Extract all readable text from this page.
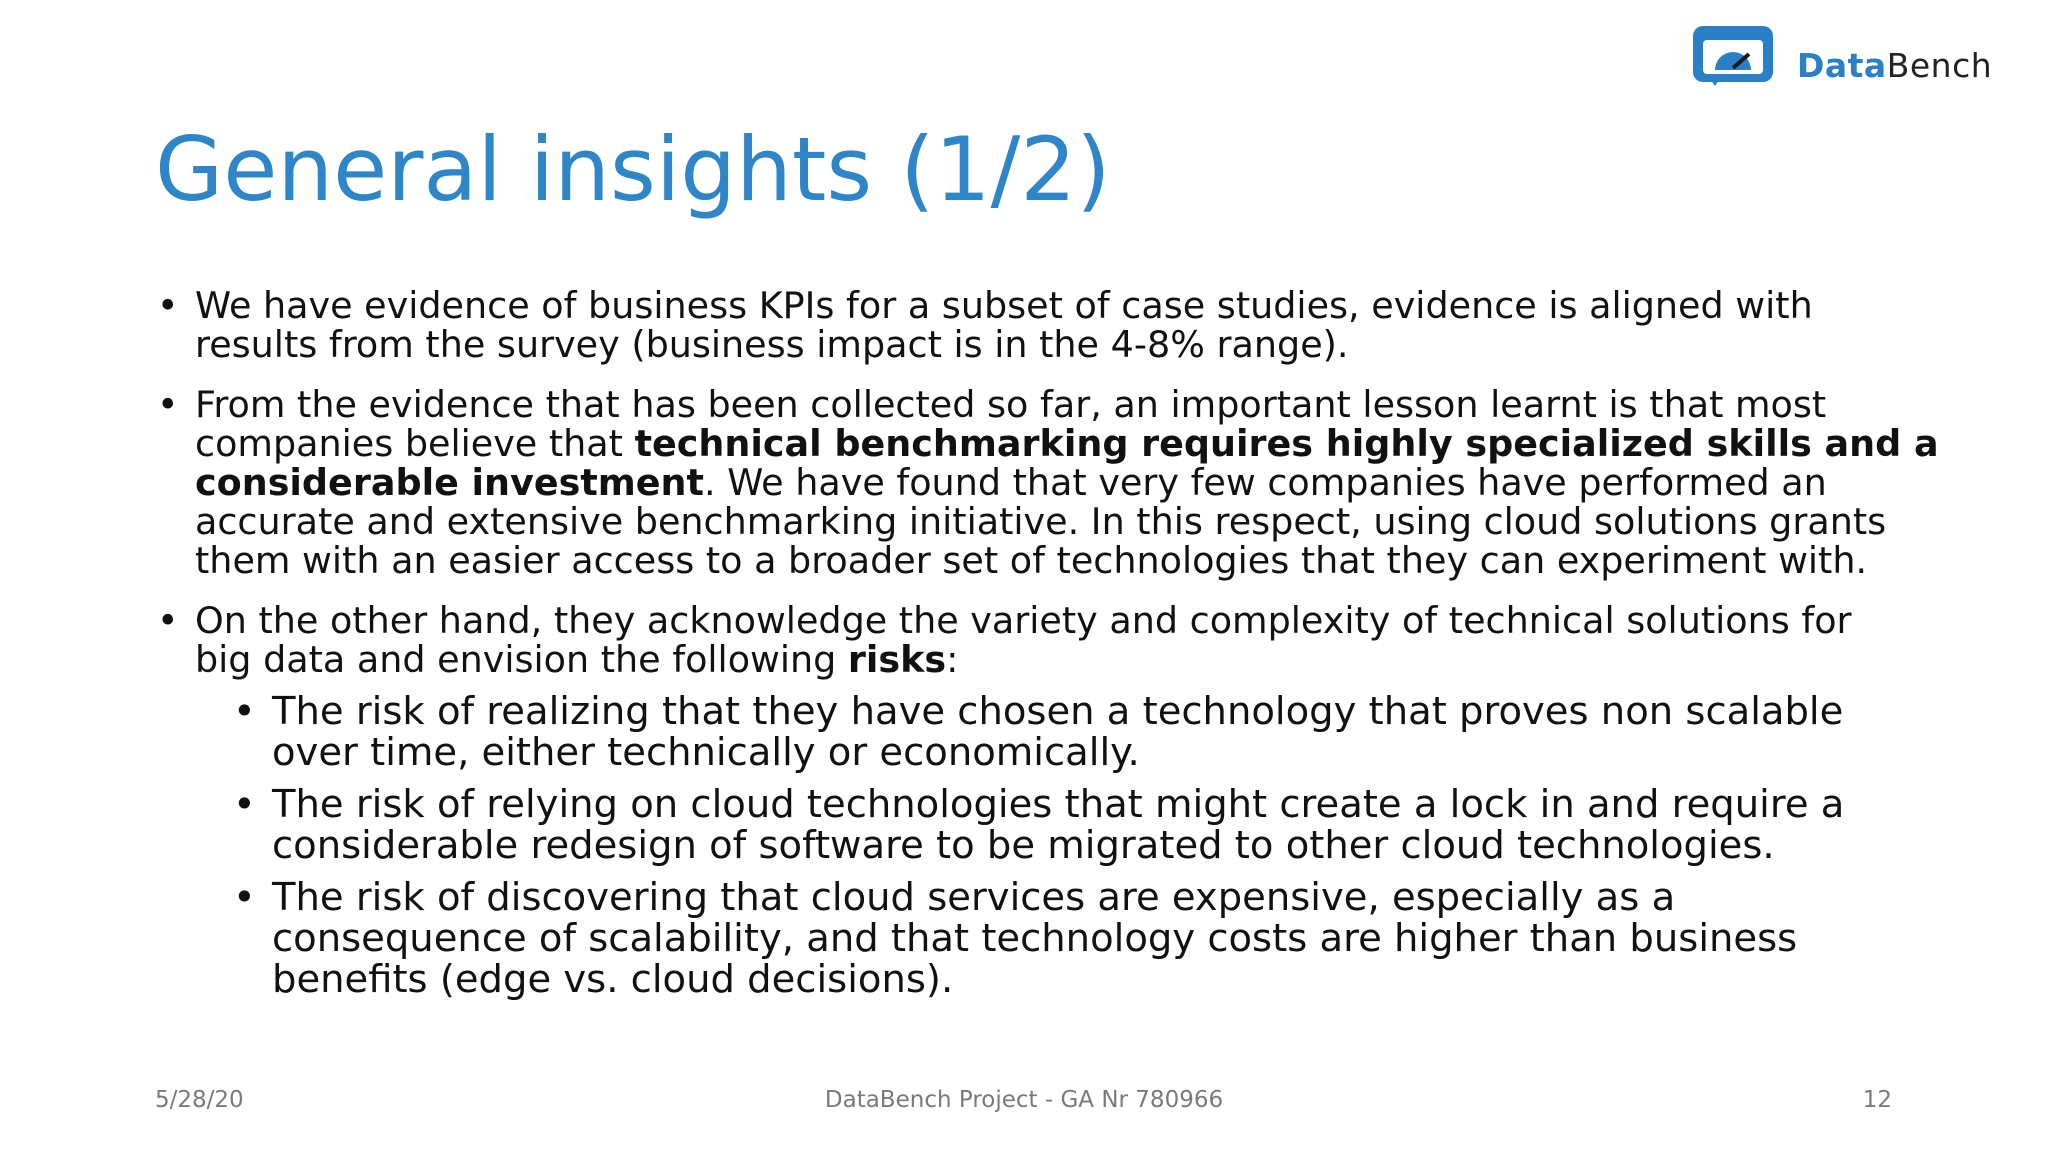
DataBench
General insights (1/2)
• We have evidence of business KPIs for a subset of case studies, evidence is aligned with
results from the survey (business impact is in the 4-8% range).
• From the evidence that has been collected so far, an important lesson learnt is that most
companies believe that technical benchmarking requires highly specialized skills and a
considerable investment. We have found that very few companies have performed an
accurate and extensive benchmarking initiative. In this respect, using cloud solutions grants
them with an easier access to a broader set of technologies that they can experiment with.
• On the other hand, they acknowledge the variety and complexity of technical solutions for
big data and envision the following risks:
• The risk of realizing that they have chosen a technology that proves non scalable
over time, either technically or economically.
• The risk of relying on cloud technologies that might create a lock in and require a
considerable redesign of software to be migrated to other cloud technologies.
• The risk of discovering that cloud services are expensive, especially as a
consequence of scalability, and that technology costs are higher than business
benefits (edge vs. cloud decisions).
5/28/20	DataBench Project - GA Nr 780966	12
